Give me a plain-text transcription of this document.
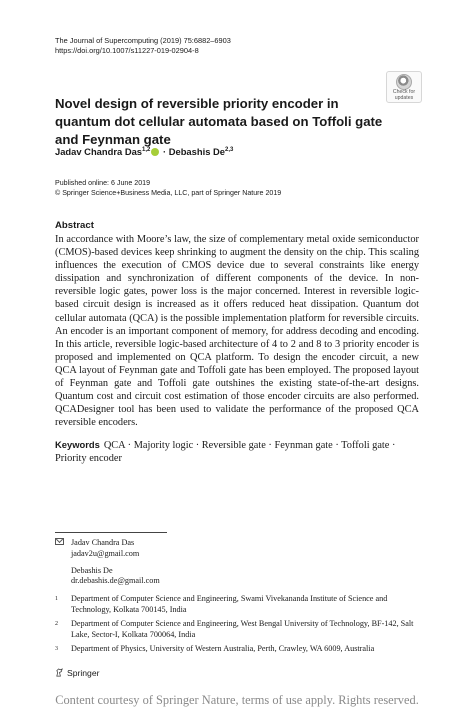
The Journal of Supercomputing (2019) 75:6882–6903
https://doi.org/10.1007/s11227-019-02904-8
Check for
updates
Novel design of reversible priority encoder in quantum dot cellular automata based on Toffoli gate and Feynman gate
Jadav Chandra Das$^{1,2}$ · Debashis De$^{2,3}$
Published online: 6 June 2019
© Springer Science+Business Media, LLC, part of Springer Nature 2019
Abstract
In accordance with Moore’s law, the size of complementary metal oxide semiconductor (CMOS)-based devices keep shrinking to augment the density on the chip. This scaling influences the execution of CMOS device due to several constraints like energy dissipation and synchronization of different components of the device. In non-reversible logic gates, power loss is the major concerned. Interest in reversible logic-based circuit design is increased as it offers reduced heat dissipation. Quantum dot cellular automata (QCA) is the possible implementation platform for reversible circuits. An encoder is an important component of memory, for address decoding and encoding. In this article, reversible logic-based architecture of 4 to 2 and 8 to 3 priority encoder is proposed and implemented on QCA platform. To design the encoder circuit, a new QCA layout of Feynman gate and Toffoli gate has been employed. The proposed layout of Feynman gate and Toffoli gate outshines the existing state-of-the-art designs. Quantum cost and circuit cost estimation of those encoder circuits are also performed. QCADesigner tool has been used to validate the performance of the proposed QCA reversible encoders.
Keywords QCA · Majority logic · Reversible gate · Feynman gate · Toffoli gate · Priority encoder
Jadav Chandra Das
jadav2u@gmail.com
Debashis De
dr.debashis.de@gmail.com
1 Department of Computer Science and Engineering, Swami Vivekananda Institute of Science and Technology, Kolkata 700145, India
2 Department of Computer Science and Engineering, West Bengal University of Technology, BF-142, Salt Lake, Sector-I, Kolkata 700064, India
3 Department of Physics, University of Western Australia, Perth, Crawley, WA 6009, Australia
Springer
Content courtesy of Springer Nature, terms of use apply. Rights reserved.
